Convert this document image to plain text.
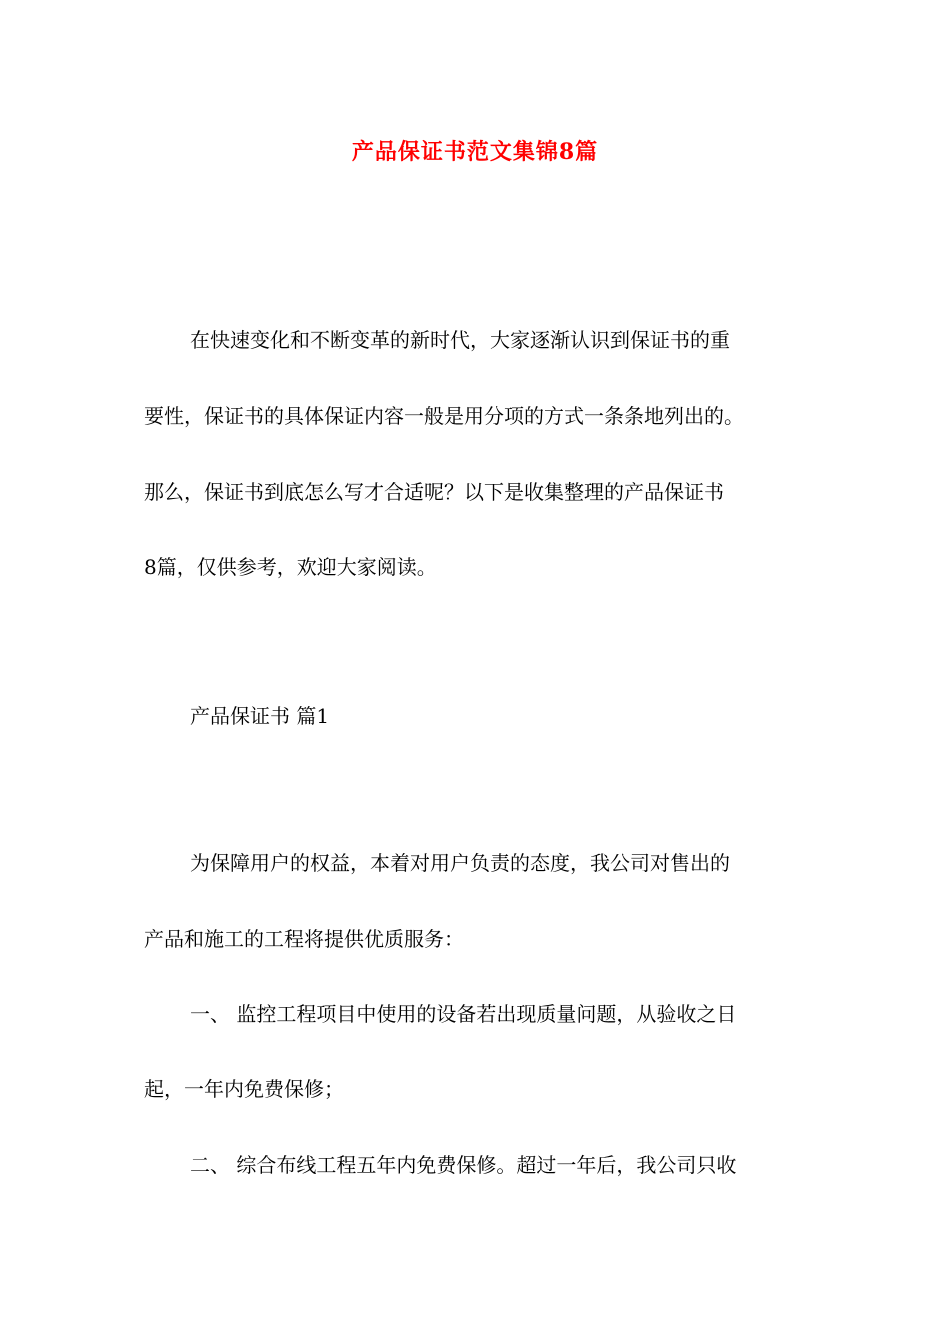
产品保证书范文集锦8篇
在快速变化和不断变革的新时代，大家逐渐认识到保证书的重
要性，保证书的具体保证内容一般是用分项的方式一条条地列出的。
那么，保证书到底怎么写才合适呢？以下是收集整理的产品保证书
8篇，仅供参考，欢迎大家阅读。
产品保证书 篇1
为保障用户的权益，本着对用户负责的态度，我公司对售出的
产品和施工的工程将提供优质服务：
一、 监控工程项目中使用的设备若出现质量问题，从验收之日
起，一年内免费保修；
二、 综合布线工程五年内免费保修。超过一年后，我公司只收
